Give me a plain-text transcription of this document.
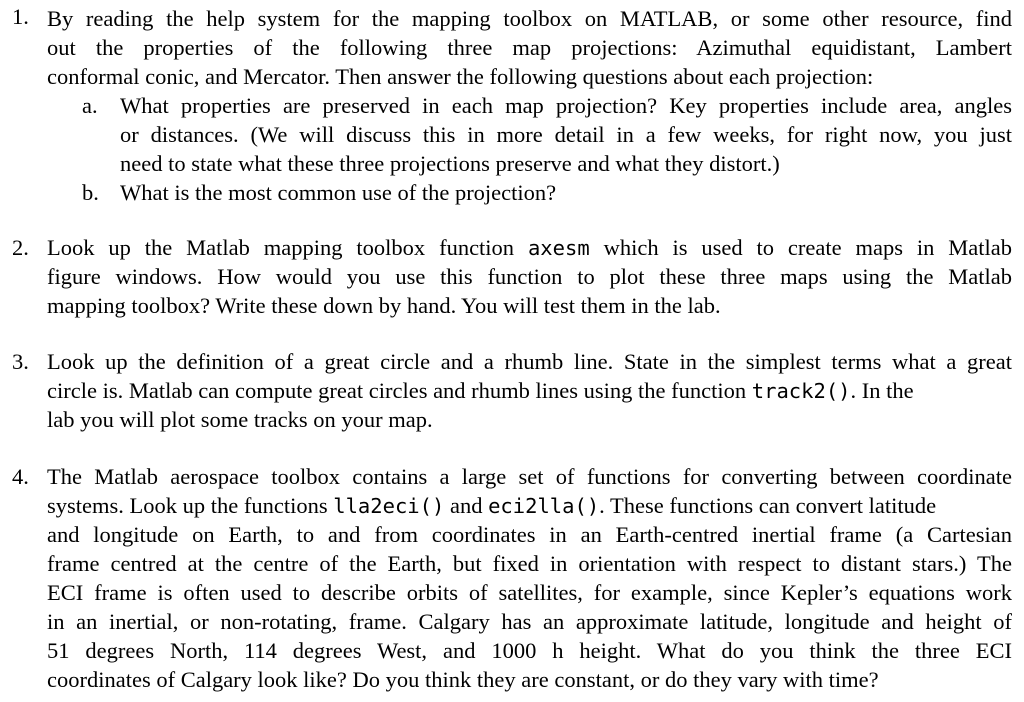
1. By reading the help system for the mapping toolbox on MATLAB, or some other resource, find
out the properties of the following three map projections: Azimuthal equidistant, Lambert
conformal conic, and Mercator. Then answer the following questions about each projection:
a. What properties are preserved in each map projection? Key properties include area, angles
or distances. (We will discuss this in more detail in a few weeks, for right now, you just
need to state what these three projections preserve and what they distort.)
b. What is the most common use of the projection?
2. Look up the Matlab mapping toolbox function axesm which is used to create maps in Matlab
figure windows. How would you use this function to plot these three maps using the Matlab
mapping toolbox? Write these down by hand. You will test them in the lab.
3. Look up the definition of a great circle and a rhumb line. State in the simplest terms what a great
circle is. Matlab can compute great circles and rhumb lines using the function track2(). In the
lab you will plot some tracks on your map.
4. The Matlab aerospace toolbox contains a large set of functions for converting between coordinate
systems. Look up the functions lla2eci() and eci2lla(). These functions can convert latitude
and longitude on Earth, to and from coordinates in an Earth-centred inertial frame (a Cartesian
frame centred at the centre of the Earth, but fixed in orientation with respect to distant stars.) The
ECI frame is often used to describe orbits of satellites, for example, since Kepler’s equations work
in an inertial, or non-rotating, frame. Calgary has an approximate latitude, longitude and height of
51 degrees North, 114 degrees West, and 1000 h height. What do you think the three ECI
coordinates of Calgary look like? Do you think they are constant, or do they vary with time?
